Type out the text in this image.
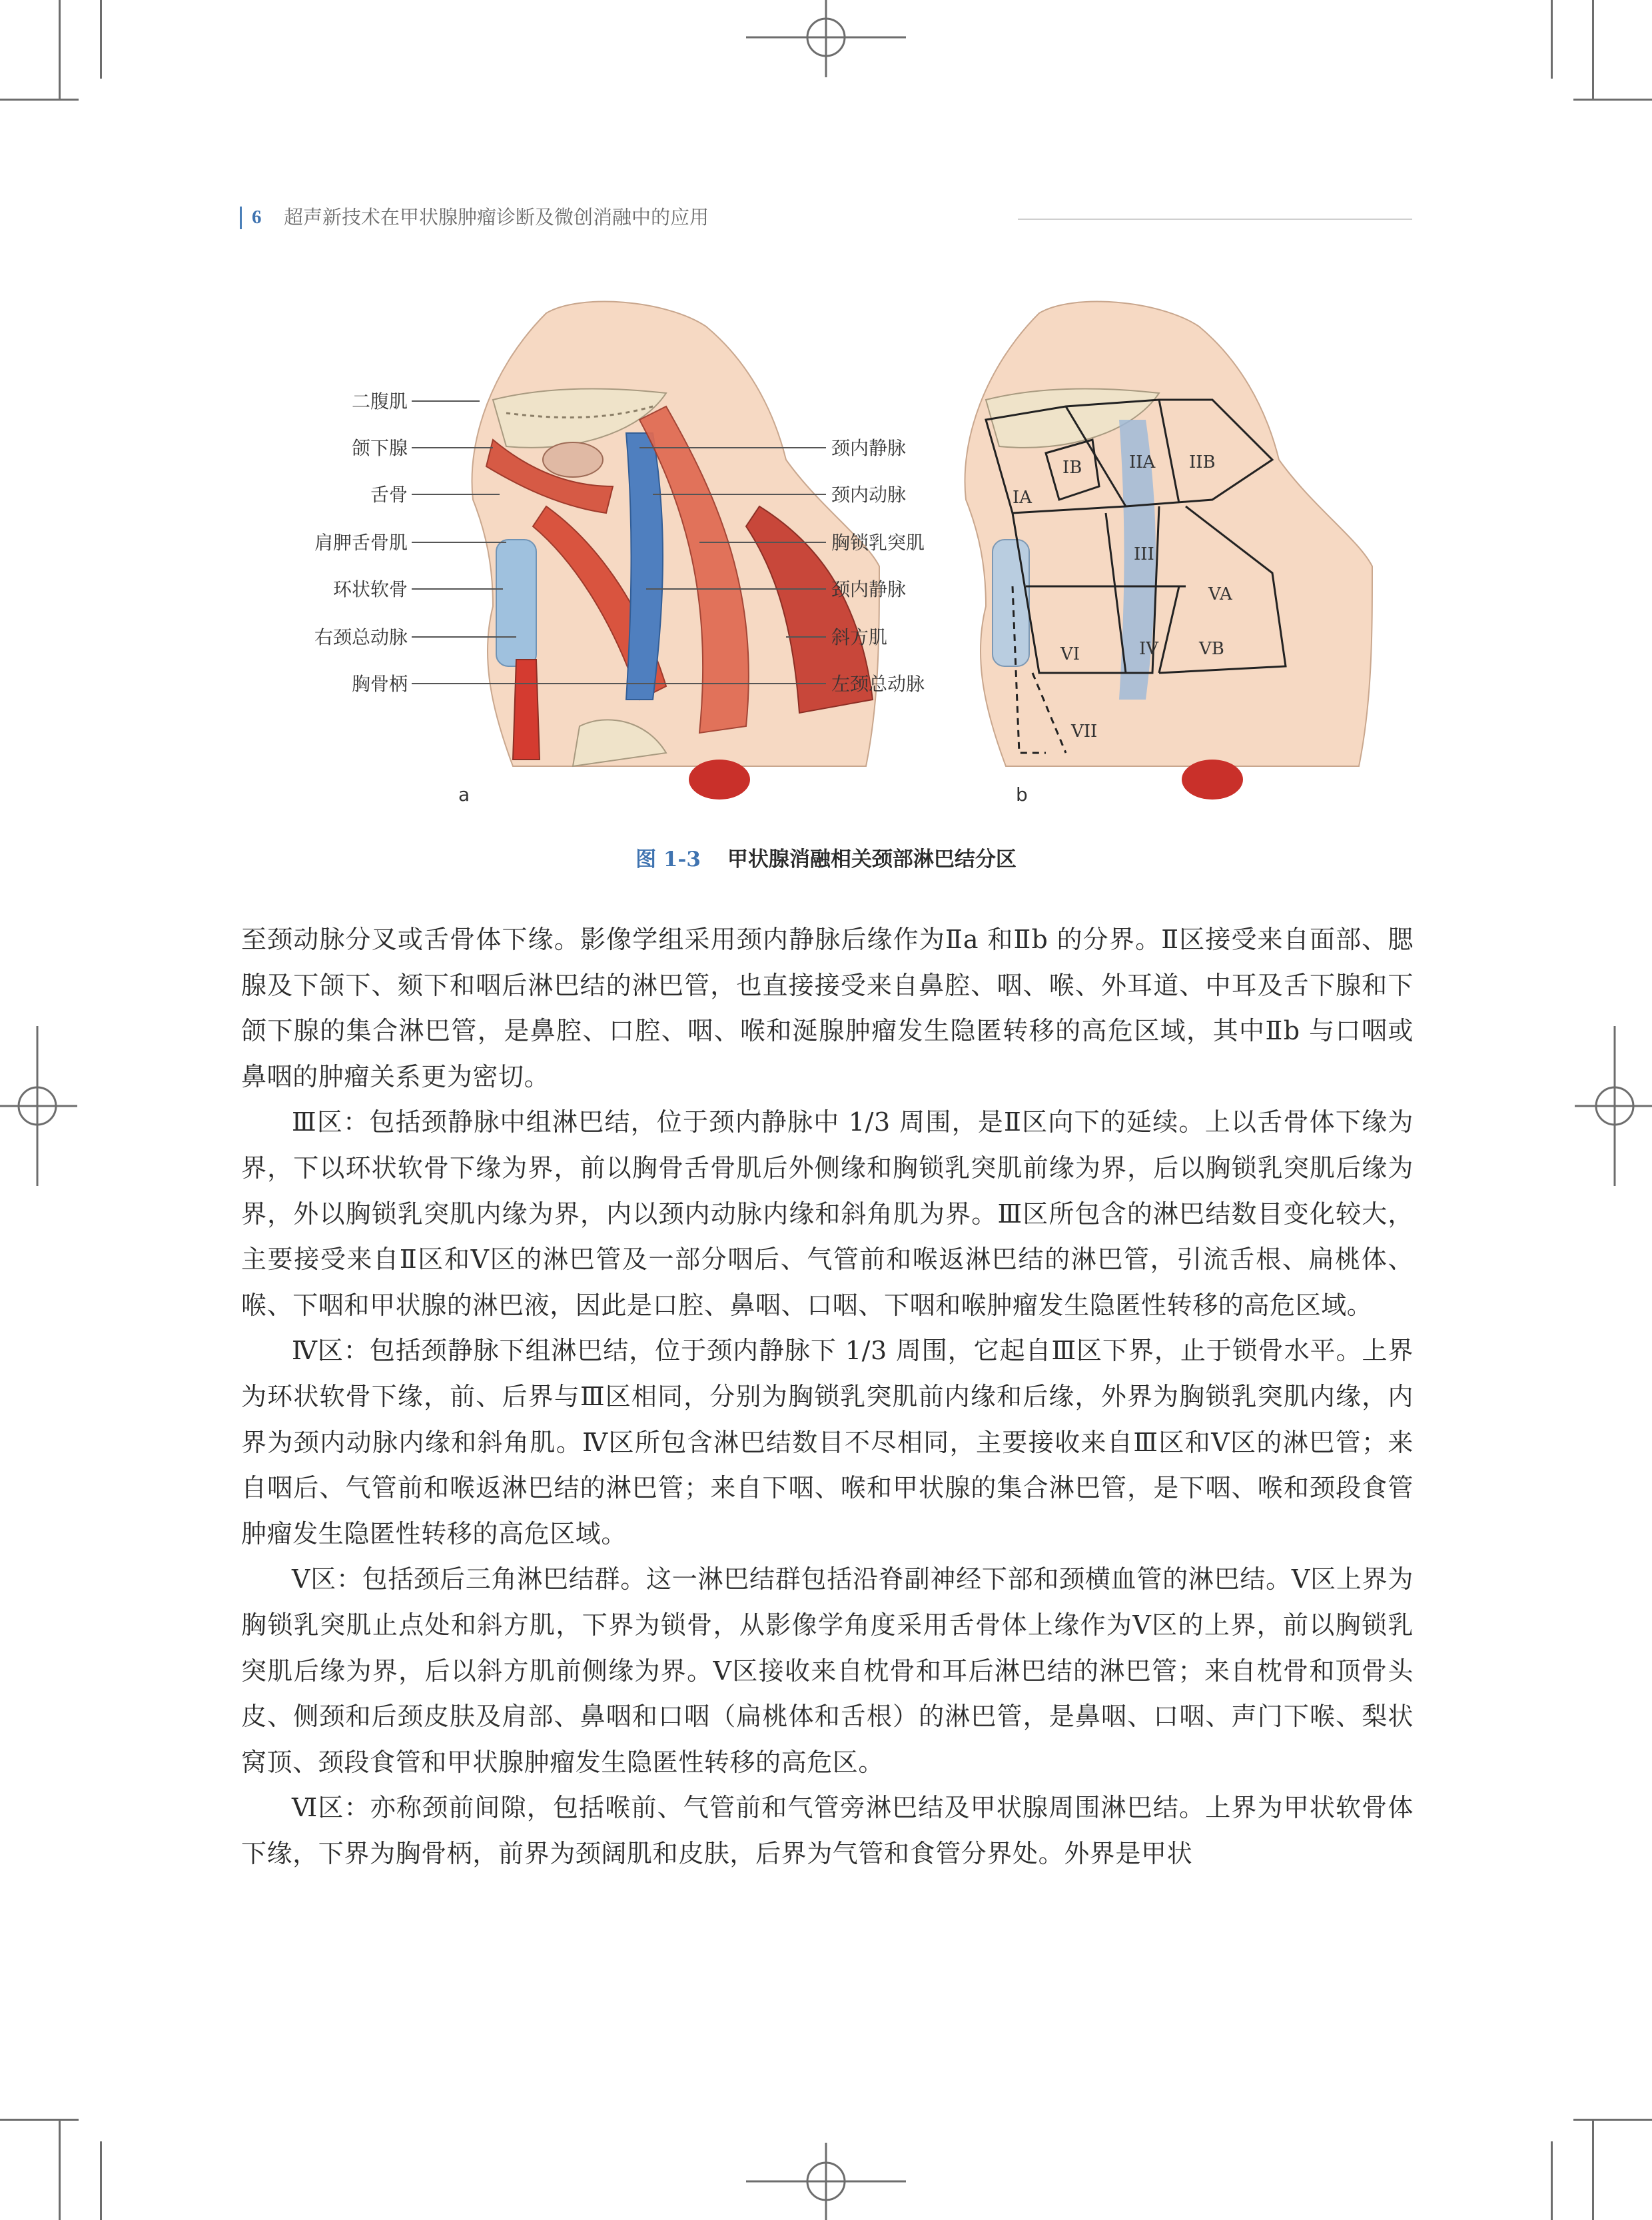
6 超声新技术在甲状腺肿瘤诊断及微创消融中的应用
二腹肌
颌下腺
舌骨
肩胛舌骨肌
环状软骨
右颈总动脉
胸骨柄
颈内静脉
颈内动脉
胸锁乳突肌
颈内静脉
斜方肌
左颈总动脉
a
IB	IIA IIB
IA
III
VA
VI	IV VB
VII
b
图 1-3 甲状腺消融相关颈部淋巴结分区

至颈动脉分叉或舌骨体下缘。影像学组采用颈内静脉后缘作为Ⅱa 和Ⅱb 的分界。Ⅱ区接受来自面部、腮腺及下颌下、颏下和咽后淋巴结的淋巴管，也直接接受来自鼻腔、咽、喉、外耳道、中耳及舌下腺和下颌下腺的集合淋巴管，是鼻腔、口腔、咽、喉和涎腺肿瘤发生隐匿转移的高危区域，其中Ⅱb 与口咽或鼻咽的肿瘤关系更为密切。

Ⅲ区：包括颈静脉中组淋巴结，位于颈内静脉中 1/3 周围，是Ⅱ区向下的延续。上以舌骨体下缘为界，下以环状软骨下缘为界，前以胸骨舌骨肌后外侧缘和胸锁乳突肌前缘为界，后以胸锁乳突肌后缘为界，外以胸锁乳突肌内缘为界，内以颈内动脉内缘和斜角肌为界。Ⅲ区所包含的淋巴结数目变化较大，主要接受来自Ⅱ区和Ⅴ区的淋巴管及一部分咽后、气管前和喉返淋巴结的淋巴管，引流舌根、扁桃体、喉、下咽和甲状腺的淋巴液，因此是口腔、鼻咽、口咽、下咽和喉肿瘤发生隐匿性转移的高危区域。

Ⅳ区：包括颈静脉下组淋巴结，位于颈内静脉下 1/3 周围，它起自Ⅲ区下界，止于锁骨水平。上界为环状软骨下缘，前、后界与Ⅲ区相同，分别为胸锁乳突肌前内缘和后缘，外界为胸锁乳突肌内缘，内界为颈内动脉内缘和斜角肌。Ⅳ区所包含淋巴结数目不尽相同，主要接收来自Ⅲ区和Ⅴ区的淋巴管；来自咽后、气管前和喉返淋巴结的淋巴管；来自下咽、喉和甲状腺的集合淋巴管，是下咽、喉和颈段食管肿瘤发生隐匿性转移的高危区域。

Ⅴ区：包括颈后三角淋巴结群。这一淋巴结群包括沿脊副神经下部和颈横血管的淋巴结。Ⅴ区上界为胸锁乳突肌止点处和斜方肌，下界为锁骨，从影像学角度采用舌骨体上缘作为Ⅴ区的上界，前以胸锁乳突肌后缘为界，后以斜方肌前侧缘为界。Ⅴ区接收来自枕骨和耳后淋巴结的淋巴管；来自枕骨和顶骨头皮、侧颈和后颈皮肤及肩部、鼻咽和口咽（扁桃体和舌根）的淋巴管，是鼻咽、口咽、声门下喉、梨状窝顶、颈段食管和甲状腺肿瘤发生隐匿性转移的高危区。

Ⅵ区：亦称颈前间隙，包括喉前、气管前和气管旁淋巴结及甲状腺周围淋巴结。上界为甲状软骨体下缘，下界为胸骨柄，前界为颈阔肌和皮肤，后界为气管和食管分界处。外界是甲状
